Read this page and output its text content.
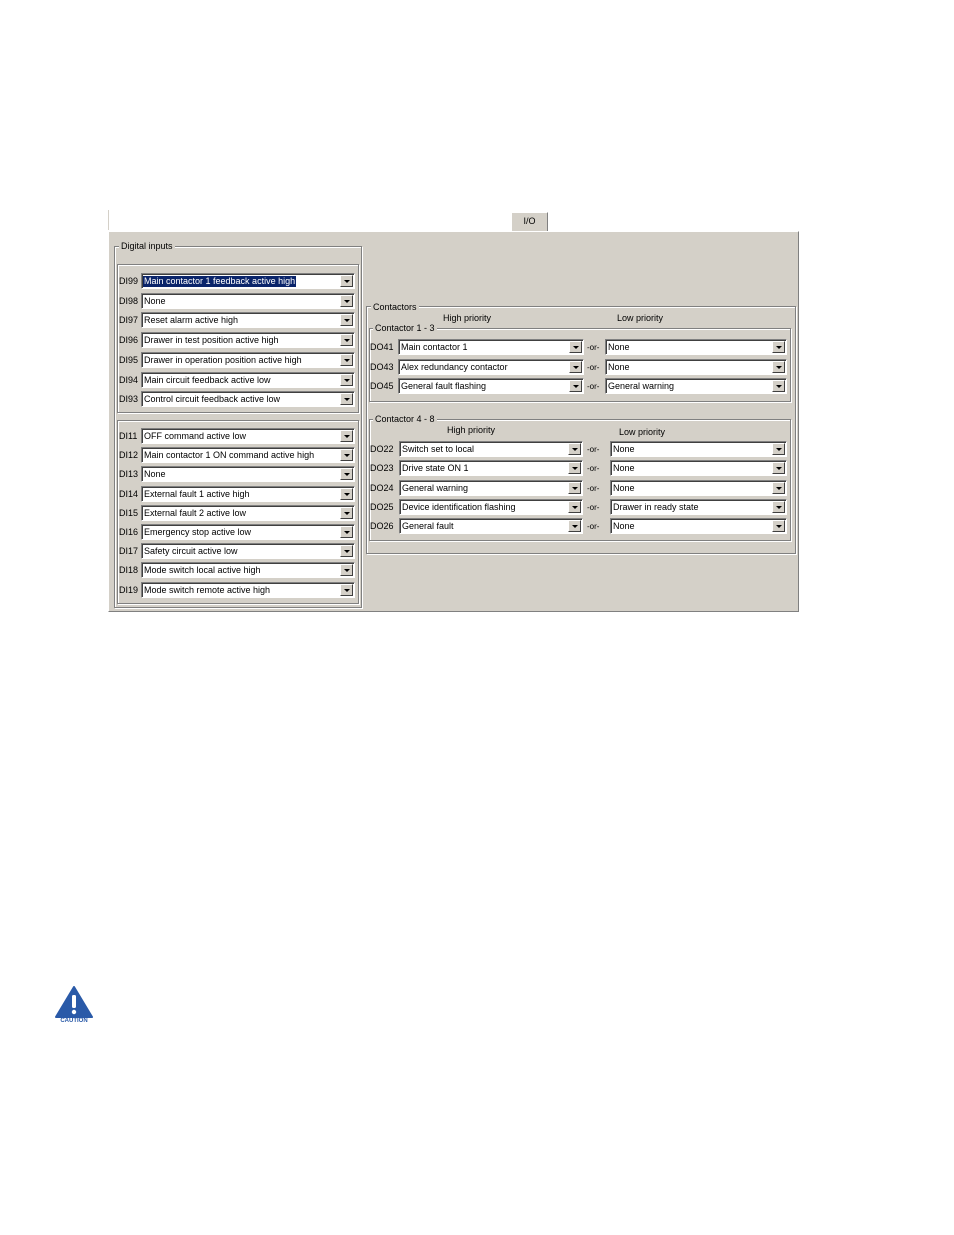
I/O
Digital inputs
DI99 Main contactor 1 feedback active high
DI98 None
DI97 Reset alarm active high
DI96 Drawer in test position active high
DI95 Drawer in operation position active high
DI94 Main circuit feedback active low
DI93 Control circuit feedback active low
DI11 OFF command active low
DI12 Main contactor 1 ON command active high
DI13 None
DI14 External fault 1 active high
DI15 External fault 2 active low
DI16 Emergency stop active low
DI17 Safety circuit active low
DI18 Mode switch local active high
DI19 Mode switch remote active high
Contactors
High priority	Low priority
Contactor 1 - 3
DO41 Main contactor 1	-or- None
DO43 Alex redundancy contactor	-or- None
DO45 General fault flashing	-or- General warning
Contactor 4 - 8
High priority	Low priority
DO22 Switch set to local	-or- None
DO23 Drive state ON 1	-or- None
DO24 General warning	-or- None
DO25 Device identification flashing	-or- Drawer in ready state
DO26 General fault	-or- None
CAUTION
